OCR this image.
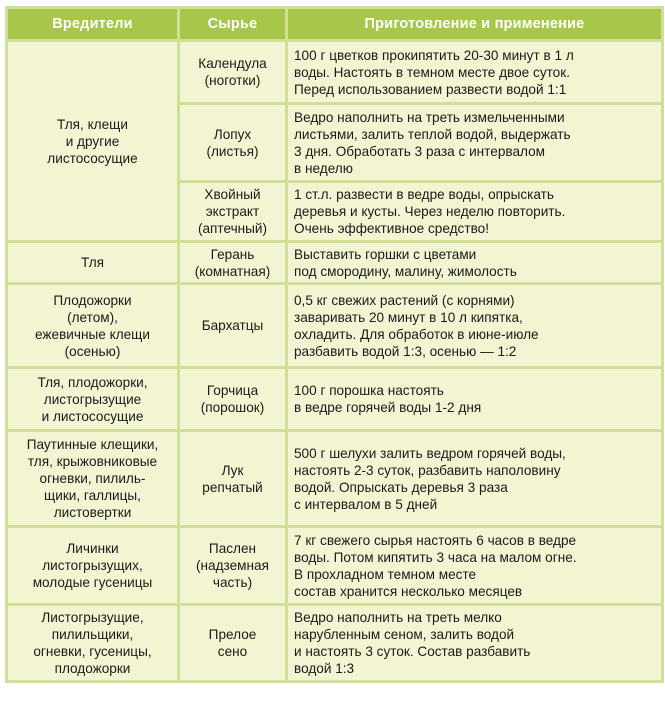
Вредители	Сырье	Приготовление и применение

Тля, клещи
и другие
листососущие	Календула
(ноготки)	100 г цветков прокипятить 20-30 минут в 1 л
воды. Настоять в темном месте двое суток.
Перед использованием развести водой 1:1

	Лопух
(листья)	Ведро наполнить на треть измельченными
листьями, залить теплой водой, выдержать
3 дня. Обработать 3 раза с интервалом
в неделю

	Хвойный
экстракт
(аптечный)	1 ст.л. развести в ведре воды, опрыскать
деревья и кусты. Через неделю повторить.
Очень эффективное средство!

Тля	Герань
(комнатная)	Выставить горшки с цветами
под смородину, малину, жимолость

Плодожорки
(летом),
ежевичные клещи
(осенью)	Бархатцы	0,5 кг свежих растений (с корнями)
заваривать 20 минут в 10 л кипятка,
охладить. Для обработок в июне-июле
разбавить водой 1:3, осенью — 1:2

Тля, плодожорки,
листогрызущие
и листососущие	Горчица
(порошок)	100 г порошка настоять
в ведре горячей воды 1-2 дня

Паутинные клещики,
тля, крыжовниковые
огневки, пилиль-
щики, галлицы,
листовертки	Лук
репчатый	500 г шелухи залить ведром горячей воды,
настоять 2-3 суток, разбавить наполовину
водой. Опрыскать деревья 3 раза
с интервалом в 5 дней

Личинки
листогрызущих,
молодые гусеницы	Паслен
(надземная
часть)	7 кг свежего сырья настоять 6 часов в ведре
воды. Потом кипятить 3 часа на малом огне.
В прохладном темном месте
состав хранится несколько месяцев

Листогрызущие,
пилильщики,
огневки, гусеницы,
плодожорки	Прелое
сено	Ведро наполнить на треть мелко
нарубленным сеном, залить водой
и настоять 3 суток. Состав разбавить
водой 1:3
